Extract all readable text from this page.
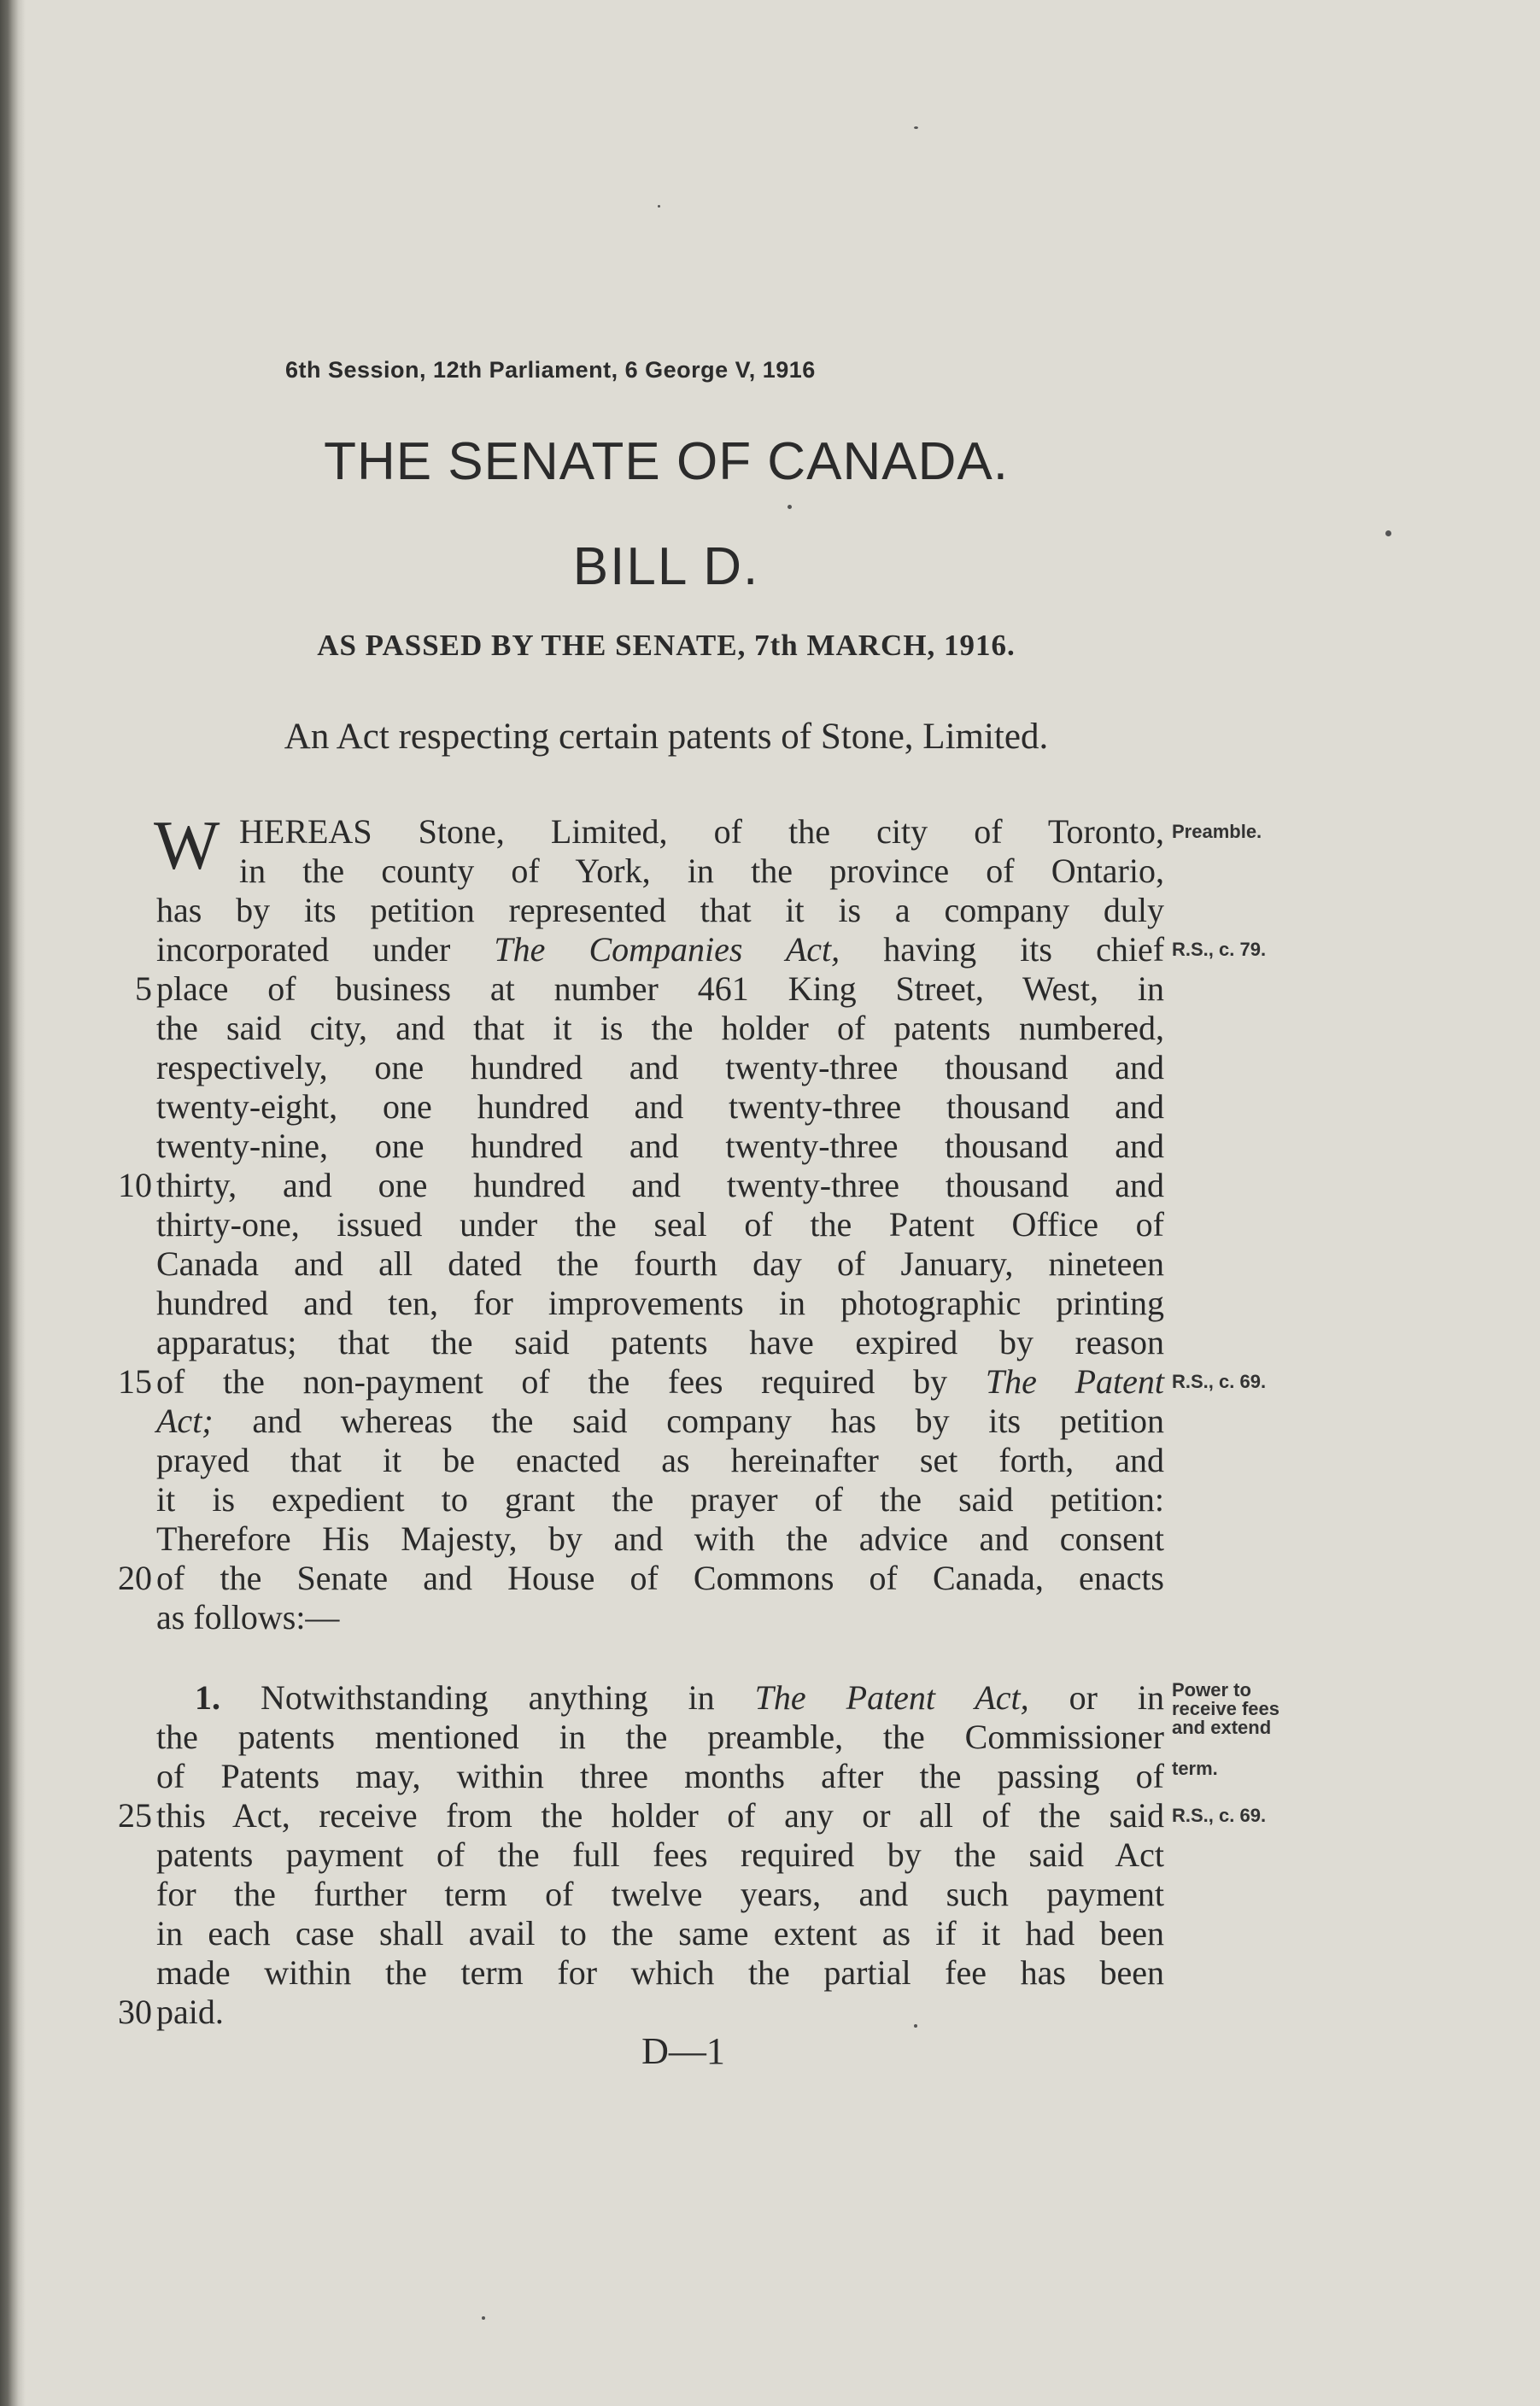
6th Session, 12th Parliament, 6 George V, 1916
THE SENATE OF CANADA.
BILL D.
AS PASSED BY THE SENATE, 7th MARCH, 1916.
An Act respecting certain patents of Stone, Limited.
W HEREAS Stone, Limited, of the city of Toronto,
in the county of York, in the province of Ontario,
has by its petition represented that it is a company duly
incorporated under The Companies Act, having its chief
place of business at number 461 King Street, West, in
the said city, and that it is the holder of patents numbered,
respectively, one hundred and twenty-three thousand and
twenty-eight, one hundred and twenty-three thousand and
twenty-nine, one hundred and twenty-three thousand and
thirty, and one hundred and twenty-three thousand and
thirty-one, issued under the seal of the Patent Office of
Canada and all dated the fourth day of January, nineteen
hundred and ten, for improvements in photographic printing
apparatus; that the said patents have expired by reason
of the non-payment of the fees required by The Patent
Act; and whereas the said company has by its petition
prayed that it be enacted as hereinafter set forth, and
it is expedient to grant the prayer of the said petition:
Therefore His Majesty, by and with the advice and consent
of the Senate and House of Commons of Canada, enacts
as follows:—
1. Notwithstanding anything in The Patent Act, or in
the patents mentioned in the preamble, the Commissioner
of Patents may, within three months after the passing of
this Act, receive from the holder of any or all of the said
patents payment of the full fees required by the said Act
for the further term of twelve years, and such payment
in each case shall avail to the same extent as if it had been
made within the term for which the partial fee has been
paid.
5
10
15
20
25
30
Preamble.
R.S., c. 79.
R.S., c. 69.
Power to
receive fees
and extend
term.
R.S., c. 69.
D—1
